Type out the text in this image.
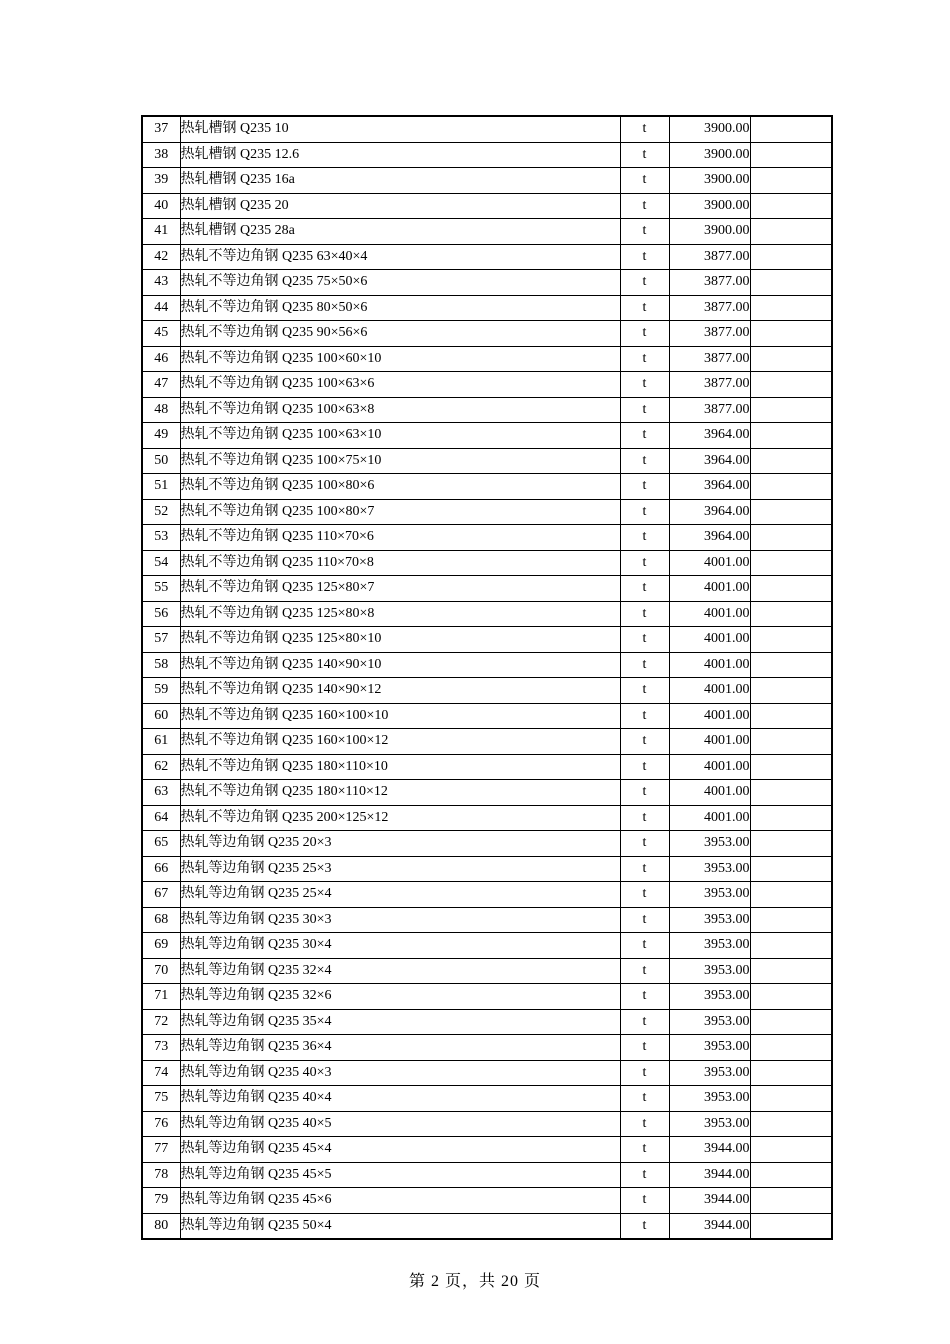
37	热轧槽钢 Q235 10	t	3900.00	
38	热轧槽钢 Q235 12.6	t	3900.00	
39	热轧槽钢 Q235 16a	t	3900.00	
40	热轧槽钢 Q235 20	t	3900.00	
41	热轧槽钢 Q235 28a	t	3900.00	
42	热轧不等边角钢 Q235 63×40×4	t	3877.00	
43	热轧不等边角钢 Q235 75×50×6	t	3877.00	
44	热轧不等边角钢 Q235 80×50×6	t	3877.00	
45	热轧不等边角钢 Q235 90×56×6	t	3877.00	
46	热轧不等边角钢 Q235 100×60×10	t	3877.00	
47	热轧不等边角钢 Q235 100×63×6	t	3877.00	
48	热轧不等边角钢 Q235 100×63×8	t	3877.00	
49	热轧不等边角钢 Q235 100×63×10	t	3964.00	
50	热轧不等边角钢 Q235 100×75×10	t	3964.00	
51	热轧不等边角钢 Q235 100×80×6	t	3964.00	
52	热轧不等边角钢 Q235 100×80×7	t	3964.00	
53	热轧不等边角钢 Q235 110×70×6	t	3964.00	
54	热轧不等边角钢 Q235 110×70×8	t	4001.00	
55	热轧不等边角钢 Q235 125×80×7	t	4001.00	
56	热轧不等边角钢 Q235 125×80×8	t	4001.00	
57	热轧不等边角钢 Q235 125×80×10	t	4001.00	
58	热轧不等边角钢 Q235 140×90×10	t	4001.00	
59	热轧不等边角钢 Q235 140×90×12	t	4001.00	
60	热轧不等边角钢 Q235 160×100×10	t	4001.00	
61	热轧不等边角钢 Q235 160×100×12	t	4001.00	
62	热轧不等边角钢 Q235 180×110×10	t	4001.00	
63	热轧不等边角钢 Q235 180×110×12	t	4001.00	
64	热轧不等边角钢 Q235 200×125×12	t	4001.00	
65	热轧等边角钢 Q235 20×3	t	3953.00	
66	热轧等边角钢 Q235 25×3	t	3953.00	
67	热轧等边角钢 Q235 25×4	t	3953.00	
68	热轧等边角钢 Q235 30×3	t	3953.00	
69	热轧等边角钢 Q235 30×4	t	3953.00	
70	热轧等边角钢 Q235 32×4	t	3953.00	
71	热轧等边角钢 Q235 32×6	t	3953.00	
72	热轧等边角钢 Q235 35×4	t	3953.00	
73	热轧等边角钢 Q235 36×4	t	3953.00	
74	热轧等边角钢 Q235 40×3	t	3953.00	
75	热轧等边角钢 Q235 40×4	t	3953.00	
76	热轧等边角钢 Q235 40×5	t	3953.00	
77	热轧等边角钢 Q235 45×4	t	3944.00	
78	热轧等边角钢 Q235 45×5	t	3944.00	
79	热轧等边角钢 Q235 45×6	t	3944.00	
80	热轧等边角钢 Q235 50×4	t	3944.00	
第 2 页，共 20 页
